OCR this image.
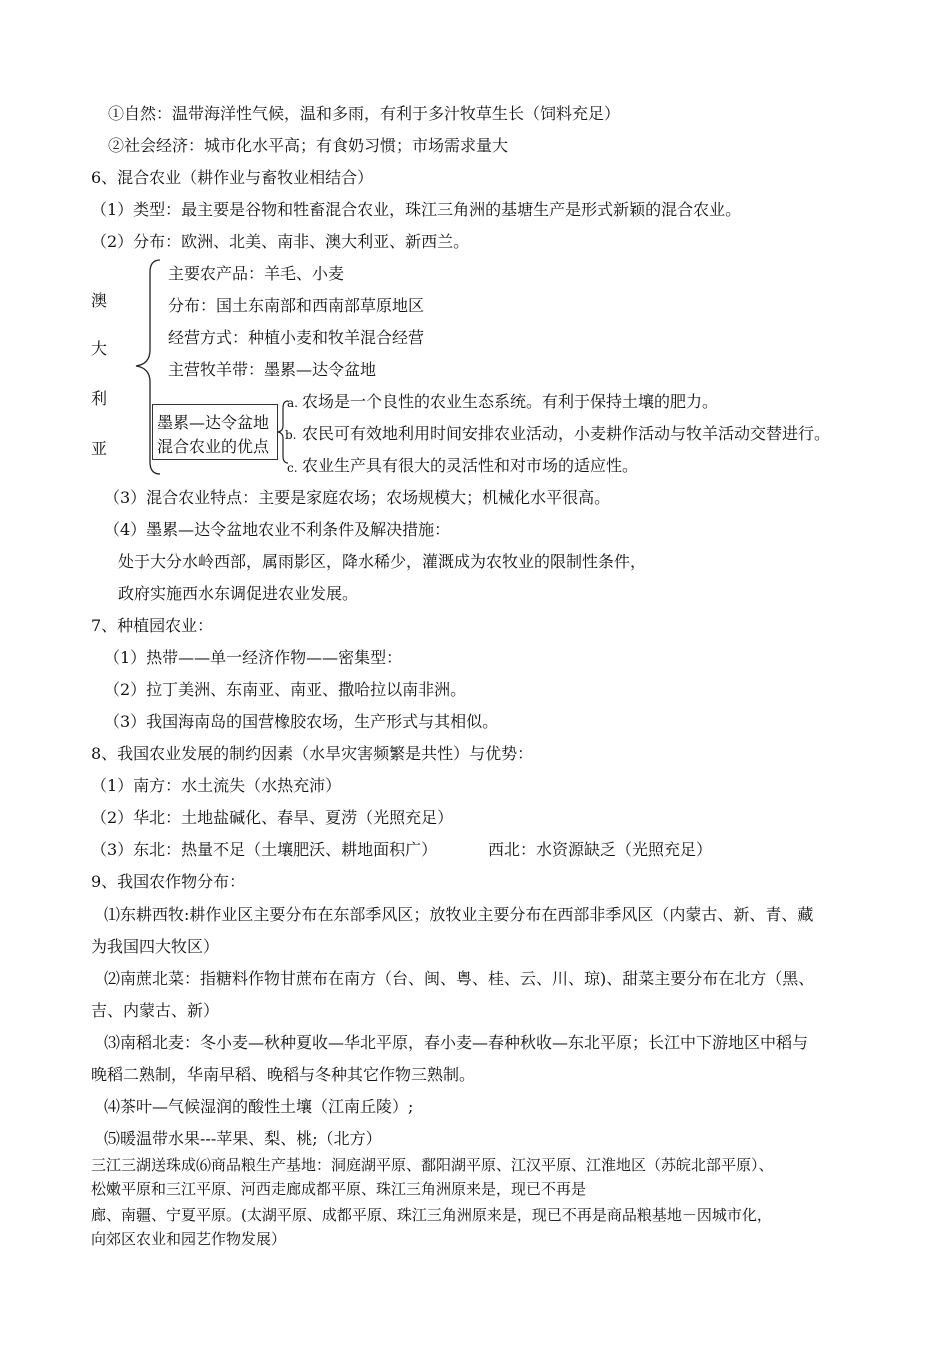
①自然：温带海洋性气候，温和多雨，有利于多汁牧草生长（饲料充足）
②社会经济：城市化水平高；有食奶习惯；市场需求量大
6、混合农业（耕作业与畜牧业相结合）
（1）类型：最主要是谷物和牲畜混合农业，珠江三角洲的基塘生产是形式新颖的混合农业。
（2）分布：欧洲、北美、南非、澳大利亚、新西兰。
澳
大
利
亚
主要农产品：羊毛、小麦
分布：国土东南部和西南部草原地区
经营方式：种植小麦和牧羊混合经营
主营牧羊带：墨累—达令盆地
墨累—达令盆地
混合农业的优点
a. 农场是一个良性的农业生态系统。有利于保持土壤的肥力。
b. 农民可有效地利用时间安排农业活动，小麦耕作活动与牧羊活动交替进行。
c. 农业生产具有很大的灵活性和对市场的适应性。
（3）混合农业特点：主要是家庭农场；农场规模大；机械化水平很高。
（4）墨累—达令盆地农业不利条件及解决措施：
处于大分水岭西部，属雨影区，降水稀少，灌溉成为农牧业的限制性条件，
政府实施西水东调促进农业发展。
7、种植园农业：
（1）热带——单一经济作物——密集型：
（2）拉丁美洲、东南亚、南亚、撒哈拉以南非洲。
（3）我国海南岛的国营橡胶农场，生产形式与其相似。
8、我国农业发展的制约因素（水旱灾害频繁是共性）与优势：
（1）南方：水土流失（水热充沛）
（2）华北：土地盐碱化、春旱、夏涝（光照充足）
（3）东北：热量不足（土壤肥沃、耕地面积广）	西北：水资源缺乏（光照充足）
9、我国农作物分布：
⑴东耕西牧:耕作业区主要分布在东部季风区；放牧业主要分布在西部非季风区（内蒙古、新、青、藏
为我国四大牧区）
⑵南蔗北菜：指糖料作物甘蔗布在南方（台、闽、粤、桂、云、川、琼)、甜菜主要分布在北方（黑、
吉、内蒙古、新）
⑶南稻北麦：冬小麦—秋种夏收—华北平原，春小麦—春种秋收—东北平原；长江中下游地区中稻与
晚稻二熟制，华南早稻、晚稻与冬种其它作物三熟制。
⑷茶叶—气候湿润的酸性土壤（江南丘陵）;
⑸暖温带水果---苹果、梨、桃;（北方）
三江三湖送珠成⑹商品粮生产基地：洞庭湖平原、鄱阳湖平原、江汉平原、江淮地区（苏皖北部平原）、
松嫩平原和三江平原、河西走廊成都平原、珠江三角洲原来是，现已不再是
廊、南疆、宁夏平原。(太湖平原、成都平原、珠江三角洲原来是，现已不再是商品粮基地－因城市化，
向郊区农业和园艺作物发展）
